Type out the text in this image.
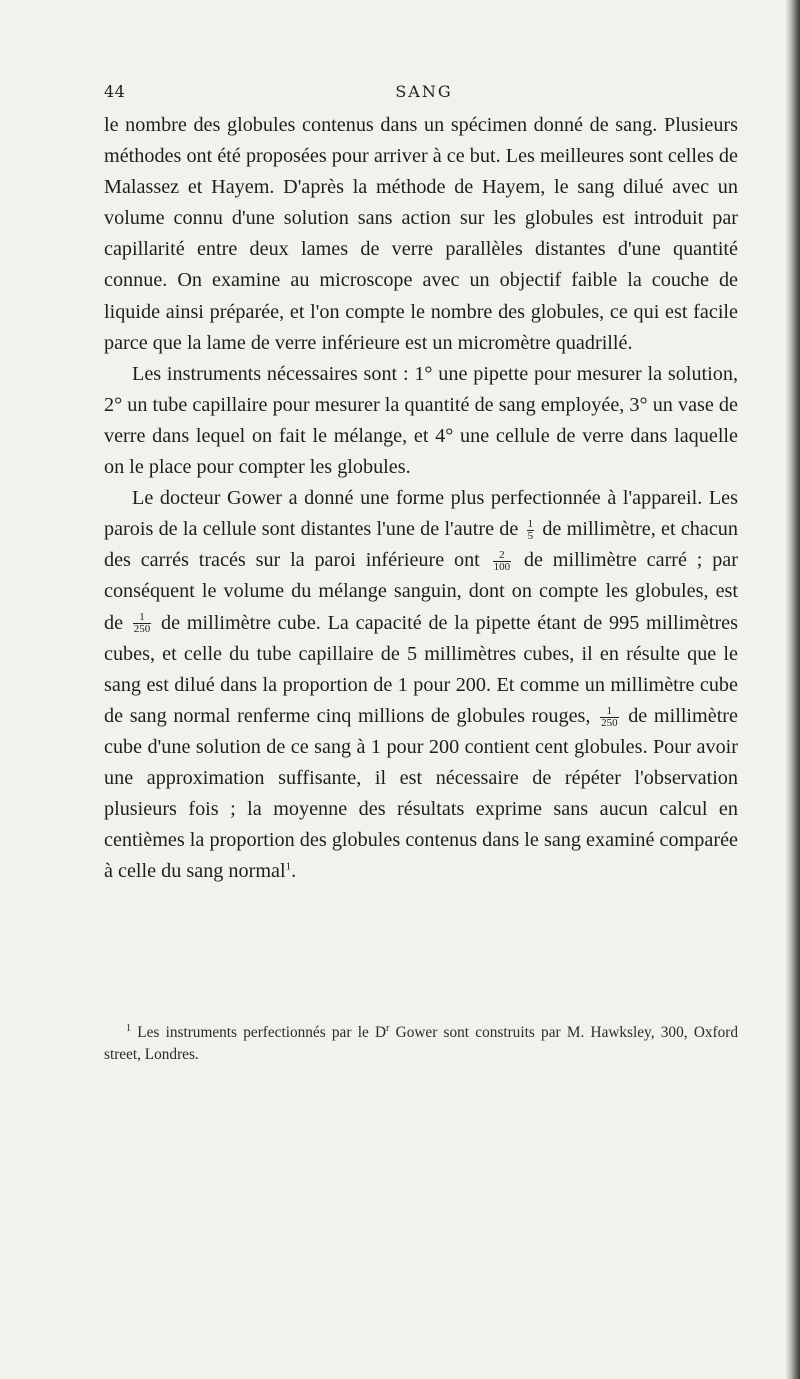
44	SANG

le nombre des globules contenus dans un spécimen donné de sang. Plusieurs méthodes ont été proposées pour arriver à ce but. Les meilleures sont celles de Malassez et Hayem. D'après la méthode de Hayem, le sang dilué avec un volume connu d'une solution sans action sur les globules est introduit par capillarité entre deux lames de verre parallèles distantes d'une quantité connue. On examine au microscope avec un objectif faible la couche de liquide ainsi préparée, et l'on compte le nombre des globules, ce qui est facile parce que la lame de verre inférieure est un micromètre quadrillé.

Les instruments nécessaires sont : 1° une pipette pour mesurer la solution, 2° un tube capillaire pour mesurer la quantité de sang employée, 3° un vase de verre dans lequel on fait le mélange, et 4° une cellule de verre dans laquelle on le place pour compter les globules.

Le docteur Gower a donné une forme plus perfectionnée à l'appareil. Les parois de la cellule sont distantes l'une de l'autre de $\frac{1}{5}$ de millimètre, et chacun des carrés tracés sur la paroi inférieure ont $\frac{2}{100}$ de millimètre carré ; par conséquent le volume du mélange sanguin, dont on compte les globules, est de $\frac{1}{250}$ de millimètre cube. La capacité de la pipette étant de 995 millimètres cubes, et celle du tube capillaire de 5 millimètres cubes, il en résulte que le sang est dilué dans la proportion de 1 pour 200. Et comme un millimètre cube de sang normal renferme cinq millions de globules rouges, $\frac{1}{250}$ de millimètre cube d'une solution de ce sang à 1 pour 200 contient cent globules. Pour avoir une approximation suffisante, il est nécessaire de répéter l'observation plusieurs fois ; la moyenne des résultats exprime sans aucun calcul en centièmes la proportion des globules contenus dans le sang examiné comparée à celle du sang normal$^1$.

$^1$ Les instruments perfectionnés par le $D^r$ Gower sont construits par M. Hawksley, 300, Oxford street, Londres.
